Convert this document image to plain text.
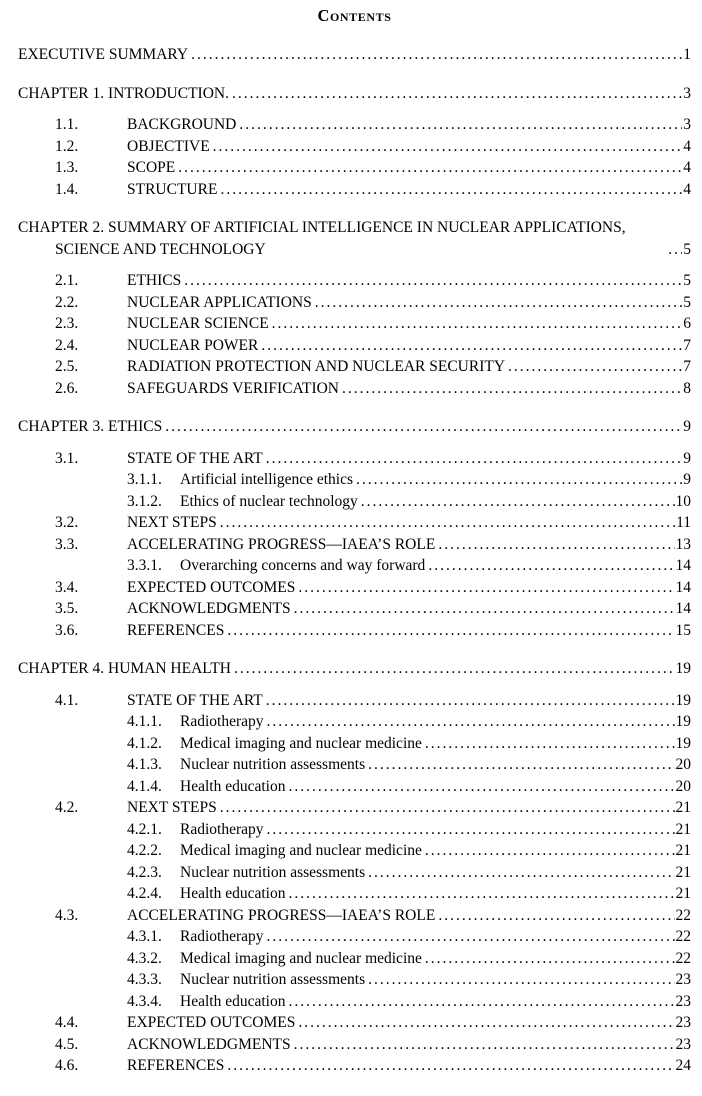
Contents
EXECUTIVE SUMMARY .....	1
CHAPTER 1. INTRODUCTION. .....	3
1.1.	BACKGROUND .....	3
1.2.	OBJECTIVE .....	4
1.3.	SCOPE .....	4
1.4.	STRUCTURE .....	4
CHAPTER 2. SUMMARY OF ARTIFICIAL INTELLIGENCE IN NUCLEAR APPLICATIONS, SCIENCE AND TECHNOLOGY .....	5
2.1.	ETHICS .....	5
2.2.	NUCLEAR APPLICATIONS .....	5
2.3.	NUCLEAR SCIENCE .....	6
2.4.	NUCLEAR POWER .....	7
2.5.	RADIATION PROTECTION AND NUCLEAR SECURITY .....	7
2.6.	SAFEGUARDS VERIFICATION .....	8
CHAPTER 3. ETHICS .....	9
3.1.	STATE OF THE ART .....	9
3.1.1.	Artificial intelligence ethics .....	9
3.1.2.	Ethics of nuclear technology .....	10
3.2.	NEXT STEPS .....	11
3.3.	ACCELERATING PROGRESS—IAEA’S ROLE .....	13
3.3.1.	Overarching concerns and way forward .....	14
3.4.	EXPECTED OUTCOMES .....	14
3.5.	ACKNOWLEDGMENTS .....	14
3.6.	REFERENCES .....	15
CHAPTER 4. HUMAN HEALTH .....	19
4.1.	STATE OF THE ART .....	19
4.1.1.	Radiotherapy .....	19
4.1.2.	Medical imaging and nuclear medicine .....	19
4.1.3.	Nuclear nutrition assessments .....	20
4.1.4.	Health education .....	20
4.2.	NEXT STEPS .....	21
4.2.1.	Radiotherapy .....	21
4.2.2.	Medical imaging and nuclear medicine .....	21
4.2.3.	Nuclear nutrition assessments .....	21
4.2.4.	Health education .....	21
4.3.	ACCELERATING PROGRESS—IAEA’S ROLE .....	22
4.3.1.	Radiotherapy .....	22
4.3.2.	Medical imaging and nuclear medicine .....	22
4.3.3.	Nuclear nutrition assessments .....	23
4.3.4.	Health education .....	23
4.4.	EXPECTED OUTCOMES .....	23
4.5.	ACKNOWLEDGMENTS .....	23
4.6.	REFERENCES .....	24
